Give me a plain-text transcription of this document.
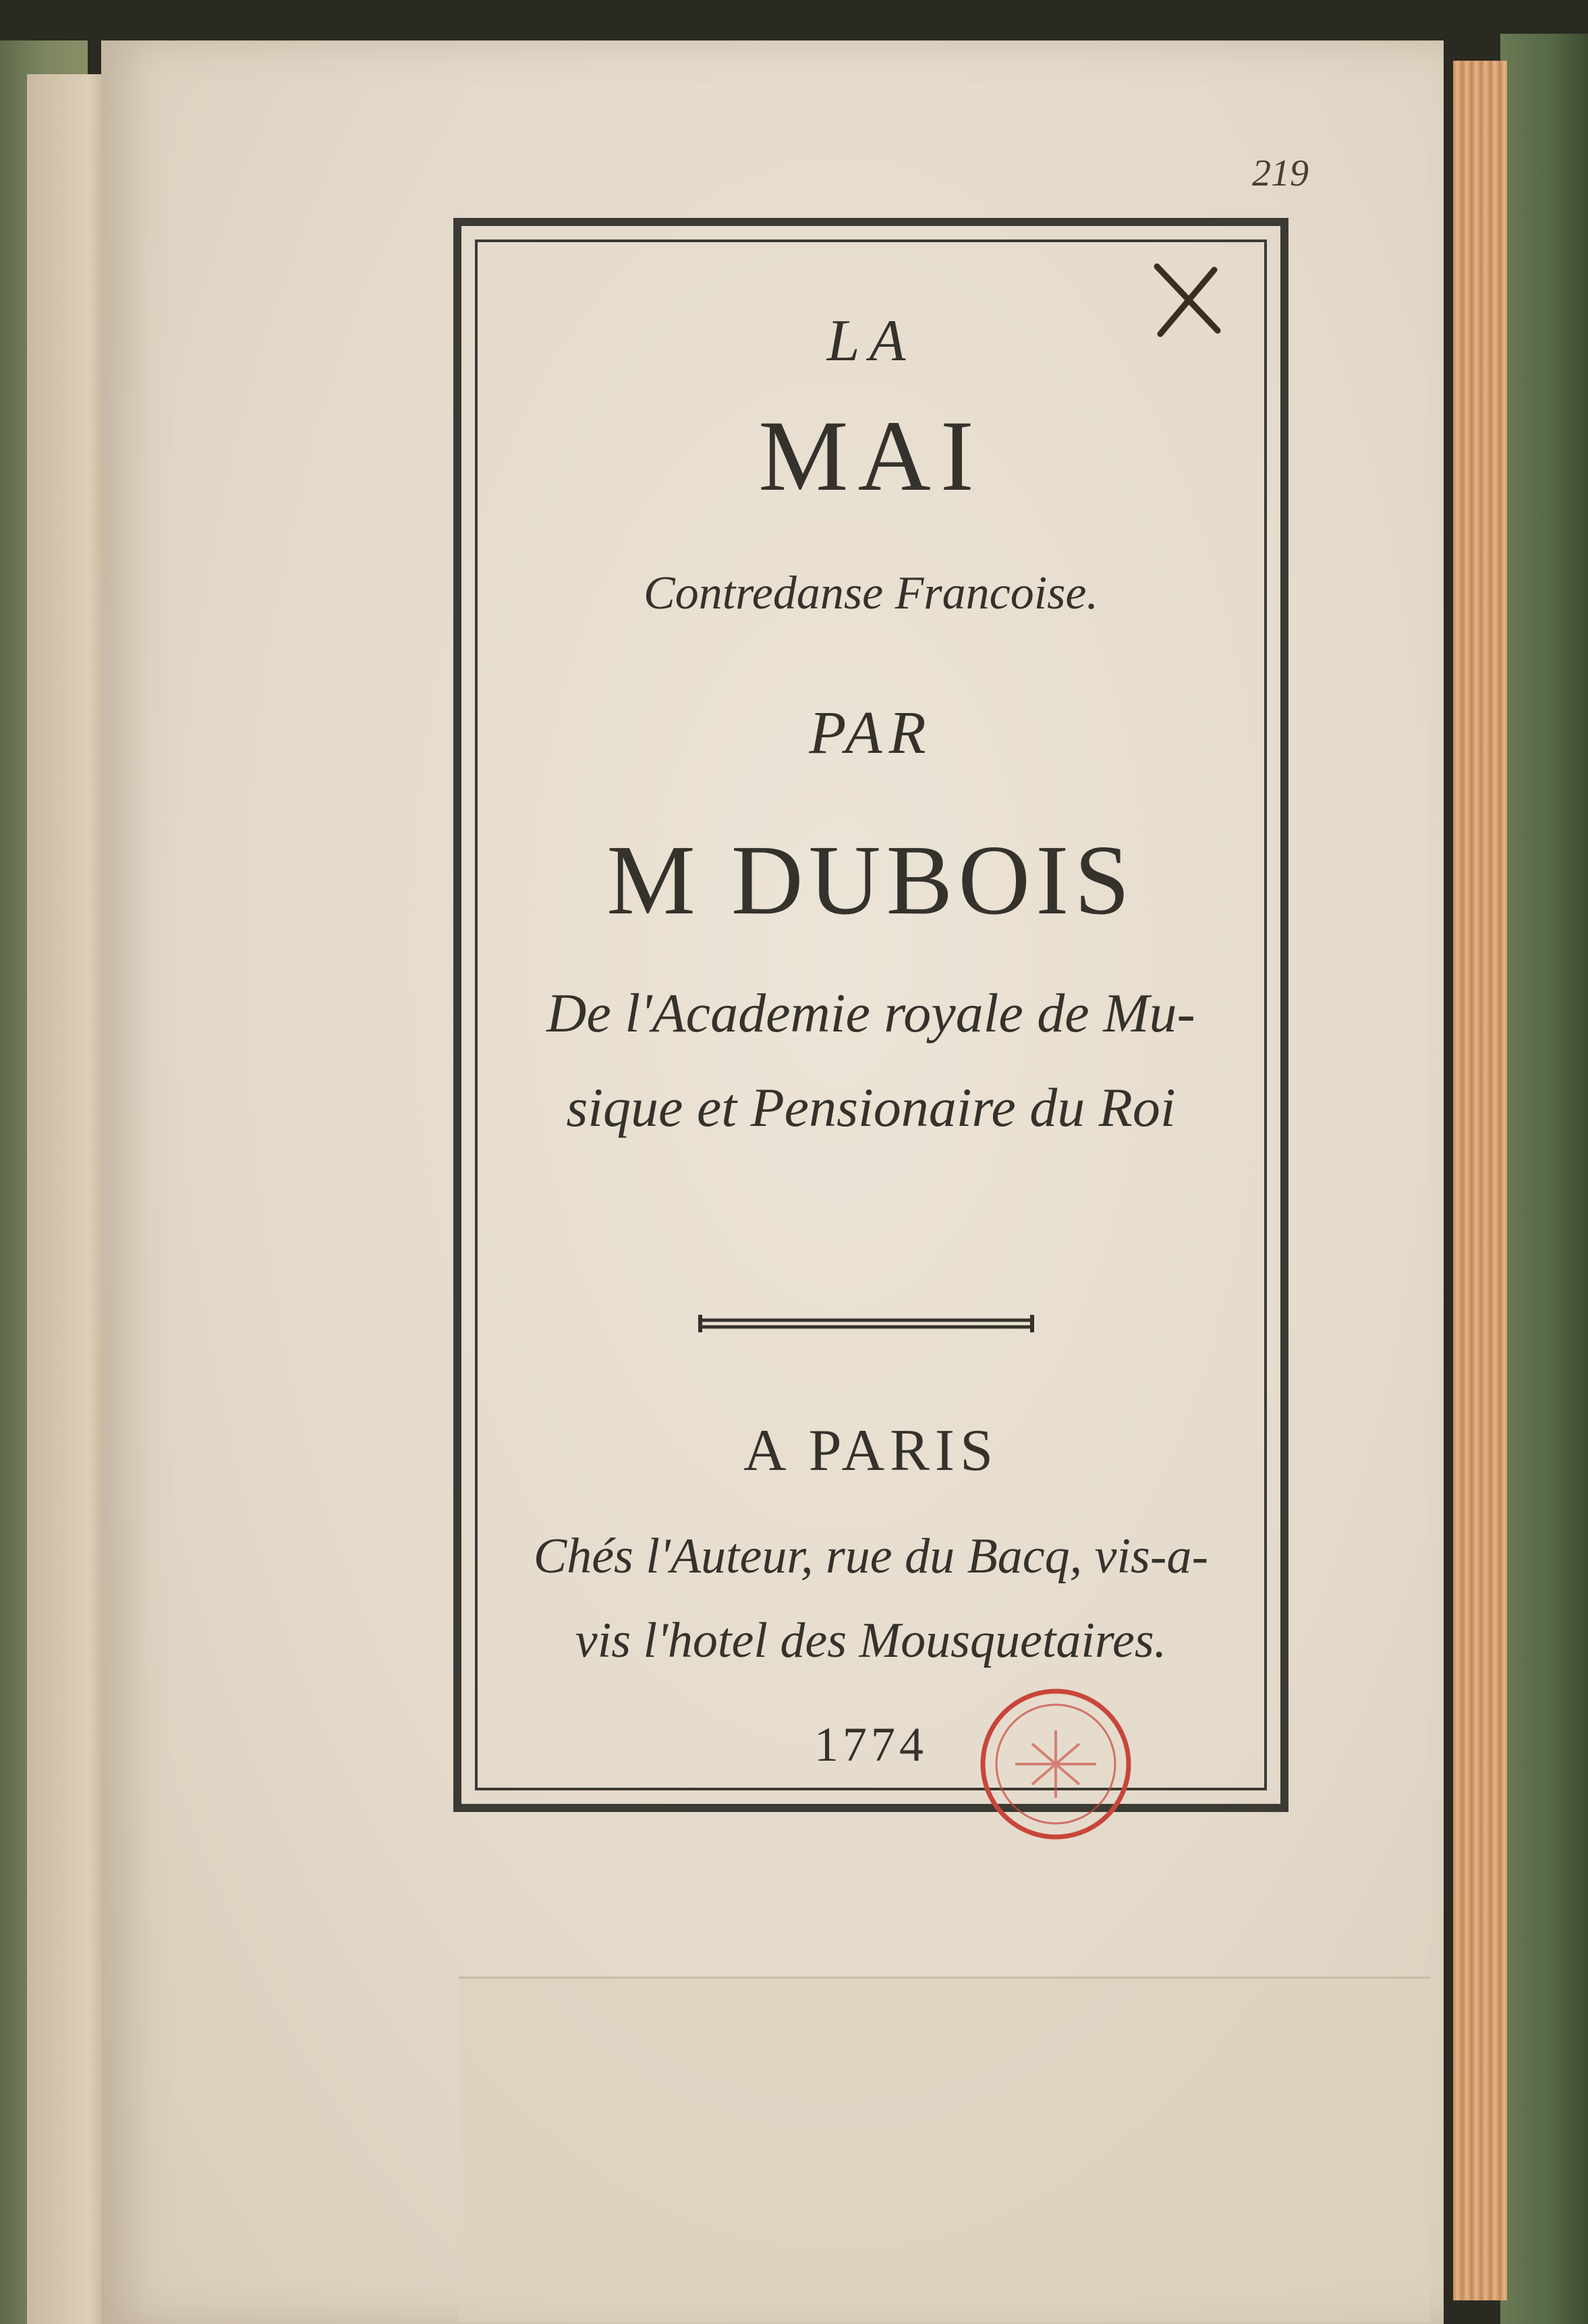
219
LA
MAI
Contredanse Francoise.
PAR
M DUBOIS
De l'Academie royale de Mu-
sique et Pensionaire du Roi
A PARIS
Chés l'Auteur, rue du Bacq, vis-a-
vis l'hotel des Mousquetaires.
1774
